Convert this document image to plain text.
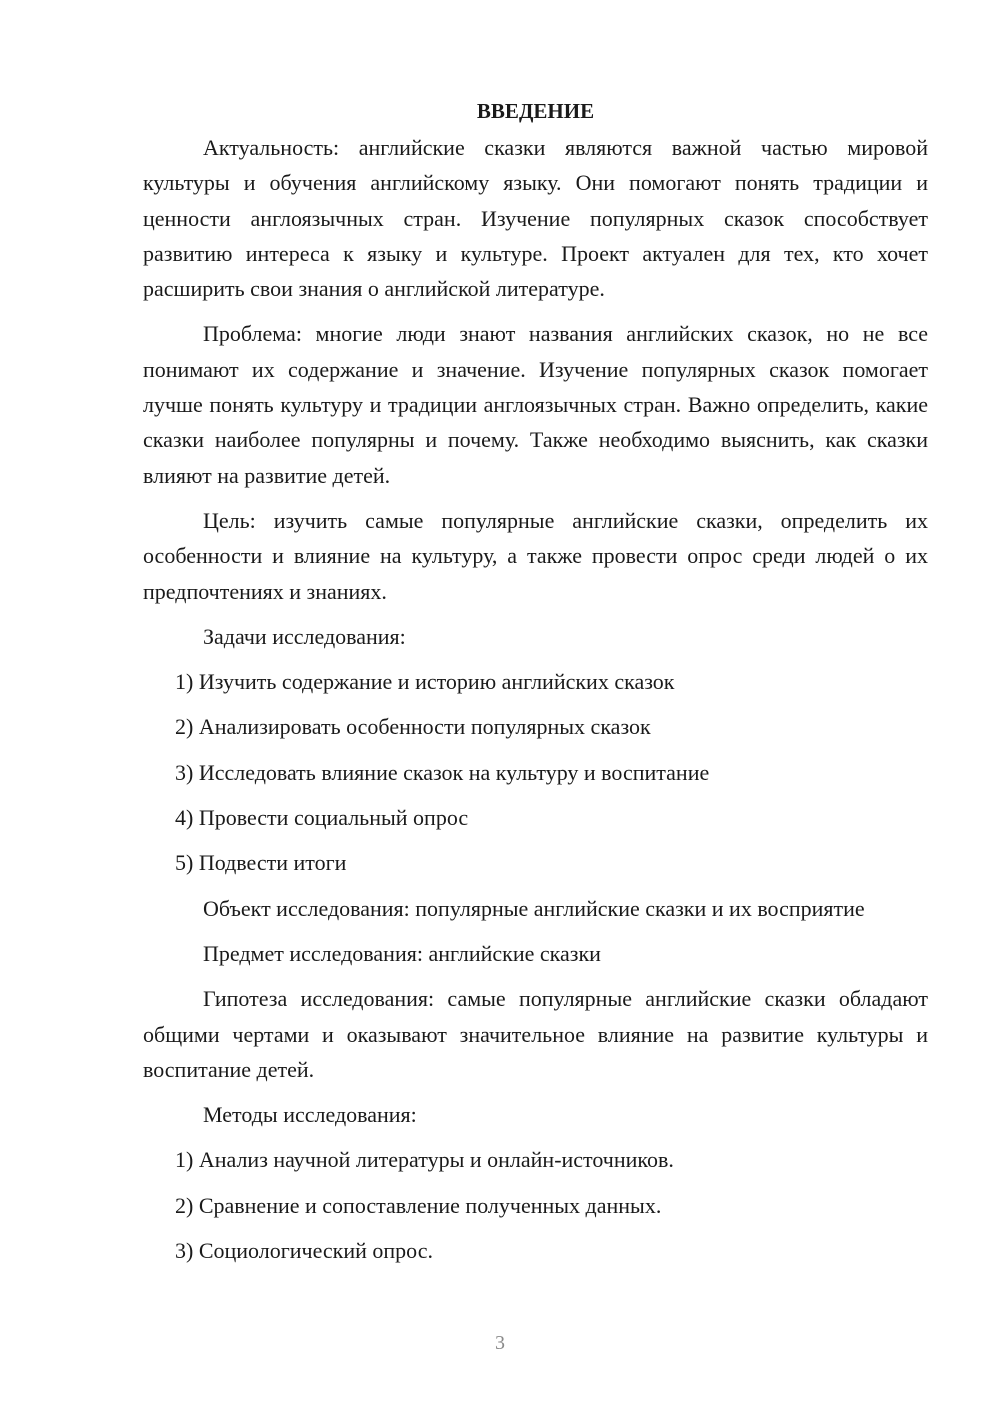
ВВЕДЕНИЕ

Актуальность: английские сказки являются важной частью мировой культуры и обучения английскому языку. Они помогают понять традиции и ценности англоязычных стран. Изучение популярных сказок способствует развитию интереса к языку и культуре. Проект актуален для тех, кто хочет расширить свои знания о английской литературе.

Проблема: многие люди знают названия английских сказок, но не все понимают их содержание и значение. Изучение популярных сказок помогает лучше понять культуру и традиции англоязычных стран. Важно определить, какие сказки наиболее популярны и почему. Также необходимо выяснить, как сказки влияют на развитие детей.

Цель: изучить самые популярные английские сказки, определить их особенности и влияние на культуру, а также провести опрос среди людей о их предпочтениях и знаниях.

Задачи исследования:

1) Изучить содержание и историю английских сказок

2) Анализировать особенности популярных сказок

3) Исследовать влияние сказок на культуру и воспитание

4) Провести социальный опрос

5) Подвести итоги

Объект исследования: популярные английские сказки и их восприятие

Предмет исследования: английские сказки

Гипотеза исследования: самые популярные английские сказки обладают общими чертами и оказывают значительное влияние на развитие культуры и воспитание детей.

Методы исследования:

1) Анализ научной литературы и онлайн-источников.

2) Сравнение и сопоставление полученных данных.

3) Социологический опрос.

3
